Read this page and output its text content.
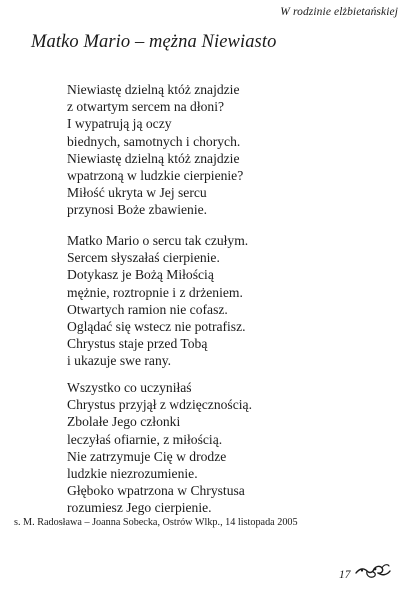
W rodzinie elżbietańskiej
Matko Mario – mężna Niewiasto
Niewiastę dzielną któż znajdzie
z otwartym sercem na dłoni?
I wypatrują ją oczy
biednych, samotnych i chorych.
Niewiastę dzielną któż znajdzie
wpatrzoną w ludzkie cierpienie?
Miłość ukryta w Jej sercu
przynosi Boże zbawienie.
Matko Mario o sercu tak czułym.
Sercem słyszałaś cierpienie.
Dotykasz je Bożą Miłością
mężnie, roztropnie i z drżeniem.
Otwartych ramion nie cofasz.
Oglądać się wstecz nie potrafisz.
Chrystus staje przed Tobą
i ukazuje swe rany.
Wszystko co uczyniłaś
Chrystus przyjął z wdzięcznością.
Zbolałe Jego członki
leczyłaś ofiarnie, z miłością.
Nie zatrzymuje Cię w drodze
ludzkie niezrozumienie.
Głęboko wpatrzona w Chrystusa
rozumiesz Jego cierpienie.
s. M. Radosława – Joanna Sobecka, Ostrów Wlkp., 14 listopada 2005
17
